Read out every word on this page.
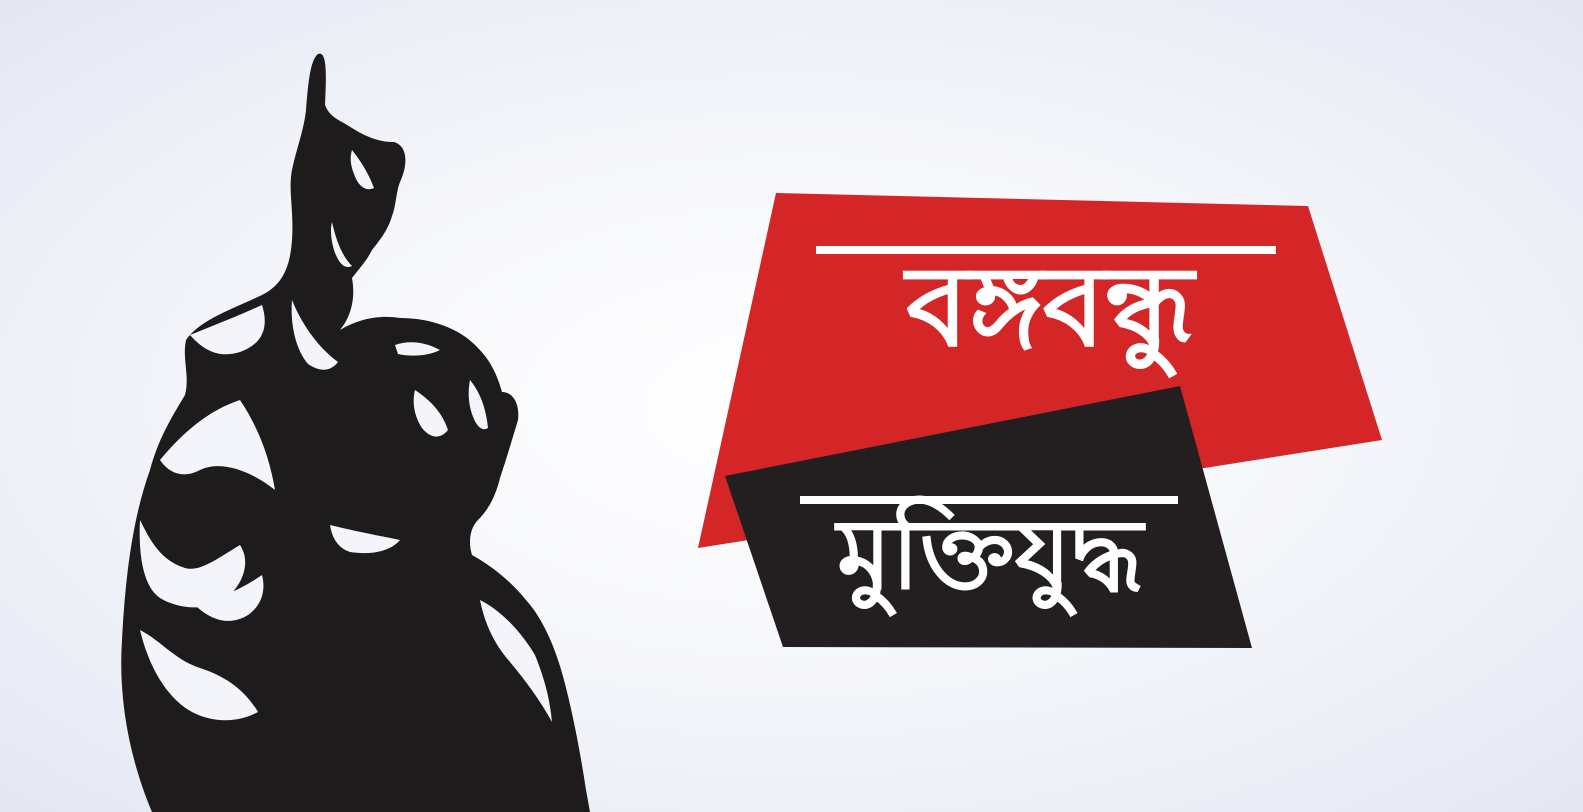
বঙ্গবন্ধু
মুক্তিযুদ্ধ
